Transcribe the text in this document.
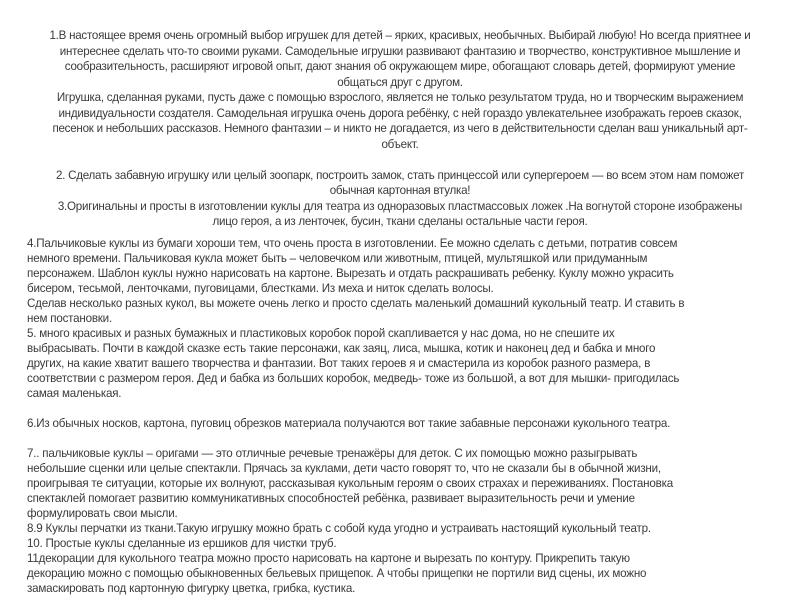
1.В настоящее время очень огромный выбор игрушек для детей – ярких, красивых, необычных. Выбирай любую! Но всегда приятнее и
интереснее сделать что-то своими руками. Самодельные игрушки развивают фантазию и творчество, конструктивное мышление и
сообразительность, расширяют игровой опыт, дают знания об окружающем мире, обогащают словарь детей, формируют умение
общаться друг с другом.
Игрушка, сделанная руками, пусть даже с помощью взрослого, является не только результатом труда, но и творческим выражением
индивидуальности создателя. Самодельная игрушка очень дорога ребёнку, с ней гораздо увлекательнее изображать героев сказок,
песенок и небольших рассказов. Немного фантазии – и никто не догадается, из чего в действительности сделан ваш уникальный арт-
объект.
2. Сделать забавную игрушку или целый зоопарк, построить замок, стать принцессой или супергероем — во всем этом нам поможет
обычная картонная втулка!
3.Оригинальны и просты в изготовлении куклы для театра из одноразовых пластмассовых ложек .На вогнутой стороне изображены
лицо героя, а из ленточек, бусин, ткани сделаны остальные части героя.
4.Пальчиковые куклы из бумаги хороши тем, что очень проста в изготовлении. Ее можно сделать с детьми, потратив совсем
немного времени. Пальчиковая кукла может быть – человечком или животным, птицей, мультяшкой или придуманным
персонажем. Шаблон куклы нужно нарисовать на картоне. Вырезать и отдать раскрашивать ребенку. Куклу можно украсить
бисером, тесьмой, ленточками, пуговицами, блестками. Из меха и ниток сделать волосы.
Сделав несколько разных кукол, вы можете очень легко и просто сделать маленький домашний кукольный театр. И ставить в
нем постановки.
5. много красивых и разных бумажных и пластиковых коробок порой скапливается у нас дома, но не спешите их
выбрасывать. Почти в каждой сказке есть такие персонажи, как заяц, лиса, мышка, котик и наконец дед и бабка и много
других, на какие хватит вашего творчества и фантазии. Вот таких героев я и смастерила из коробок разного размера, в
соответствии с размером героя. Дед и бабка из больших коробок, медведь- тоже из большой, а вот для мышки- пригодилась
самая маленькая.
6.Из обычных носков, картона, пуговиц обрезков материала получаются вот такие забавные персонажи кукольного театра.
7.. пальчиковые куклы – оригами — это отличные речевые тренажёры для деток. С их помощью можно разыгрывать
небольшие сценки или целые спектакли. Прячась за куклами, дети часто говорят то, что не сказали бы в обычной жизни,
проигрывая те ситуации, которые их волнуют, рассказывая кукольным героям о своих страхах и переживаниях. Постановка
спектаклей помогает развитию коммуникативных способностей ребёнка, развивает выразительность речи и умение
формулировать свои мысли.
8.9 Куклы перчатки из ткани.Такую игрушку можно брать с собой куда угодно и устраивать настоящий кукольный театр.
10. Простые куклы сделанные из ершиков для чистки труб.
11декорации для кукольного театра можно просто нарисовать на картоне и вырезать по контуру. Прикрепить такую
декорацию можно с помощью обыкновенных бельевых прищепок. А чтобы прищепки не портили вид сцены, их можно
замаскировать под картонную фигурку цветка, грибка, кустика.
